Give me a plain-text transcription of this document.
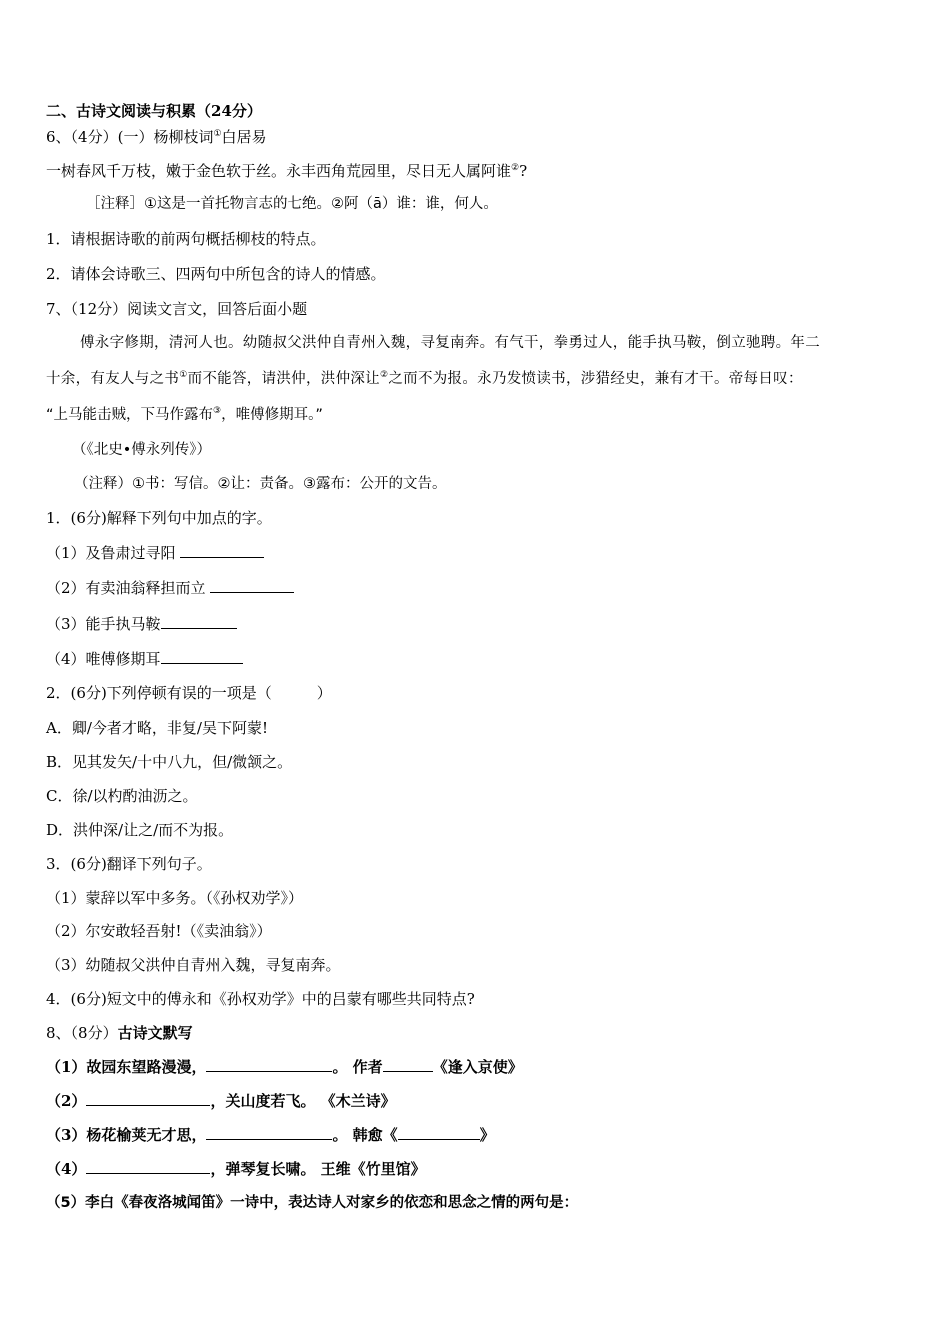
二、古诗文阅读与积累（24分）
6、（4分）(一）杨柳枝词①白居易
一树春风千万枝，嫩于金色软于丝。永丰西角荒园里，尽日无人属阿谁②?
［注释］①这是一首托物言志的七绝。②阿（ā）谁：谁，何人。
1．请根据诗歌的前两句概括柳枝的特点。
2．请体会诗歌三、四两句中所包含的诗人的情感。
7、（12分）阅读文言文，回答后面小题
傅永字修期，清河人也。幼随叔父洪仲自青州入魏，寻复南奔。有气干，拳勇过人，能手执马鞍，倒立驰聘。年二
十余，有友人与之书①而不能答，请洪仲，洪仲深让②之而不为报。永乃发愤读书，涉猎经史，兼有才干。帝每日叹：
“上马能击贼，下马作露布③，唯傅修期耳。”
（《北史•傅永列传》）
（注释）①书：写信。②让：责备。③露布：公开的文告。
1．(6分)解释下列句中加点的字。
（1）及鲁肃过寻阳
（2）有卖油翁释担而立
（3）能手执马鞍
（4）唯傅修期耳
2．(6分)下列停顿有误的一项是（　　　）
A．卿/今者才略，非复/吴下阿蒙!
B．见其发矢/十中八九，但/微颔之。
C．徐/以杓酌油沥之。
D．洪仲深/让之/而不为报。
3．(6分)翻译下列句子。
（1）蒙辞以军中多务。（《孙权劝学》）
（2）尔安敢轻吾射!（《卖油翁》）
（3）幼随叔父洪仲自青州入魏，寻复南奔。
4．(6分)短文中的傅永和《孙权劝学》中的吕蒙有哪些共同特点?
8、（8分）古诗文默写
（1）故园东望路漫漫，	。 作者	《逢入京使》
（2）	，关山度若飞。 《木兰诗》
（3）杨花榆荚无才思，	。 韩愈《	》
（4）	，弹琴复长啸。 王维《竹里馆》
（5）李白《春夜洛城闻笛》一诗中，表达诗人对家乡的依恋和思念之情的两句是：
